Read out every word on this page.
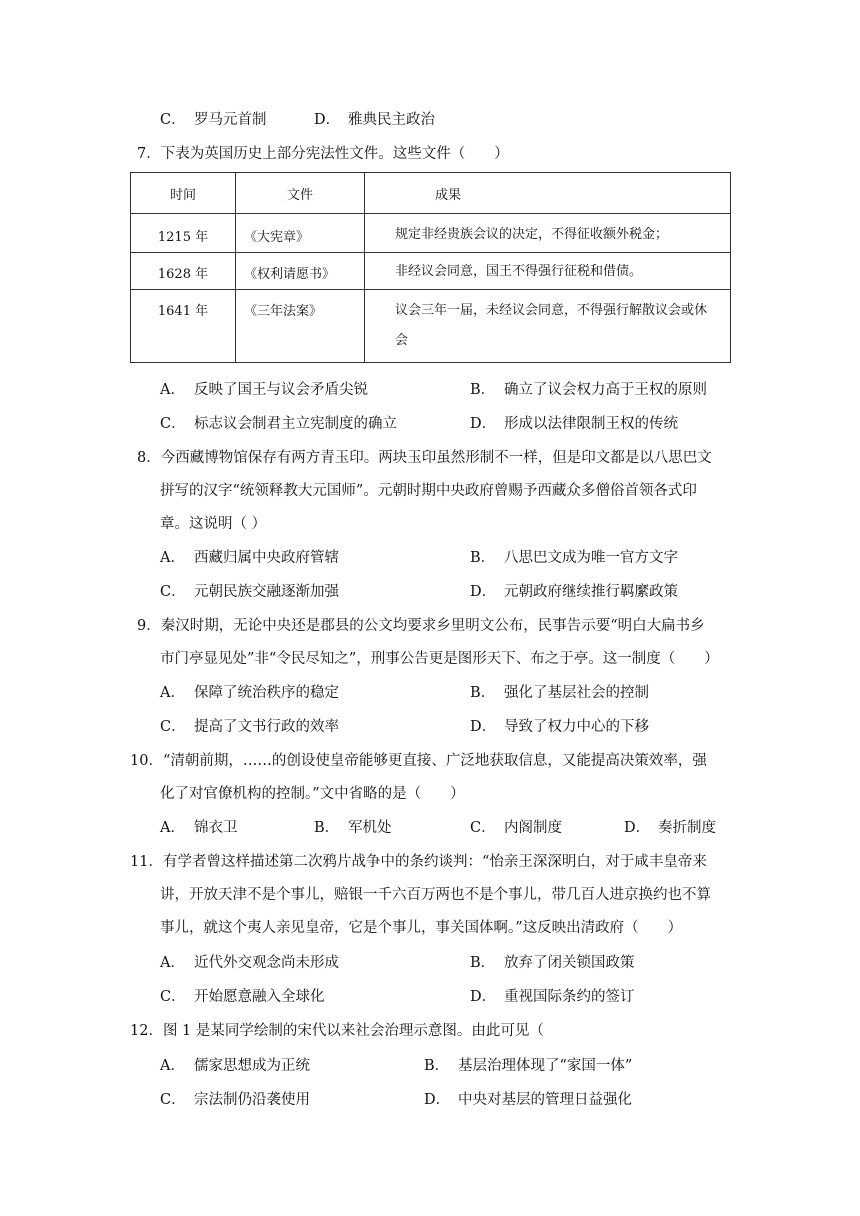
C． 罗马元首制	D． 雅典民主政治
7．下表为英国历史上部分宪法性文件。这些文件（　　）
时间	文件	成果
1215 年	《大宪章》	规定非经贵族会议的决定，不得征收额外税金；
1628 年	《权利请愿书》	非经议会同意，国王不得强行征税和借债。
1641 年	《三年法案》	议会三年一届，未经议会同意，不得强行解散议会或休会
A． 反映了国王与议会矛盾尖锐	B． 确立了议会权力高于王权的原则
C． 标志议会制君主立宪制度的确立	D． 形成以法律限制王权的传统
8．今西藏博物馆保存有两方青玉印。两块玉印虽然形制不一样，但是印文都是以八思巴文
拼写的汉字“统领释教大元国师”。元朝时期中央政府曾赐予西藏众多僧俗首领各式印
章。这说明（ ）
A． 西藏归属中央政府管辖	B． 八思巴文成为唯一官方文字
C． 元朝民族交融逐渐加强	D． 元朝政府继续推行羁縻政策
9．秦汉时期，无论中央还是郡县的公文均要求乡里明文公布，民事告示要“明白大扁书乡
市门亭显见处”非“令民尽知之”，刑事公告更是图形天下、布之于亭。这一制度（　　）
A． 保障了统治秩序的稳定	B． 强化了基层社会的控制
C． 提高了文书行政的效率	D． 导致了权力中心的下移
10．“清朝前期，……的创设使皇帝能够更直接、广泛地获取信息，又能提高决策效率，强
化了对官僚机构的控制。”文中省略的是（　　）
A． 锦衣卫	B． 军机处	C． 内阁制度	D． 奏折制度
11．有学者曾这样描述第二次鸦片战争中的条约谈判：“怡亲王深深明白，对于咸丰皇帝来
讲，开放天津不是个事儿，赔银一千六百万两也不是个事儿，带几百人进京换约也不算
事儿，就这个夷人亲见皇帝，它是个事儿，事关国体啊。”这反映出清政府（　　）
A． 近代外交观念尚未形成	B． 放弃了闭关锁国政策
C． 开始愿意融入全球化	D． 重视国际条约的签订
12．图 1 是某同学绘制的宋代以来社会治理示意图。由此可见（
A． 儒家思想成为正统	B． 基层治理体现了“家国一体”
C． 宗法制仍沿袭使用	D． 中央对基层的管理日益强化
